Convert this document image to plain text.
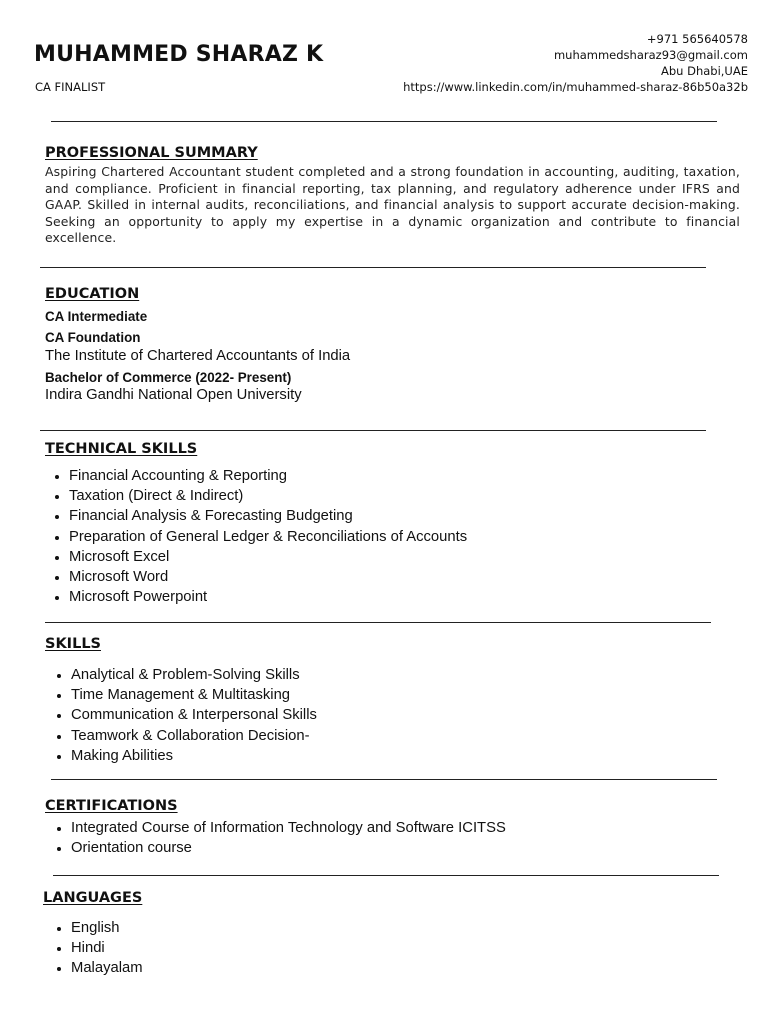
MUHAMMED SHARAZ K
CA FINALIST
+971 565640578
muhammedsharaz93@gmail.com
Abu Dhabi,UAE
https://www.linkedin.com/in/muhammed-sharaz-86b50a32b
PROFESSIONAL SUMMARY

Aspiring Chartered Accountant student completed and a strong foundation in accounting, auditing, taxation, and compliance. Proficient in financial reporting, tax planning, and regulatory adherence under IFRS and GAAP. Skilled in internal audits, reconciliations, and financial analysis to support accurate decision-making. Seeking an opportunity to apply my expertise in a dynamic organization and contribute to financial excellence.

EDUCATION
CA Intermediate
CA Foundation
The Institute of Chartered Accountants of India
Bachelor of Commerce (2022- Present)
Indira Gandhi National Open University
TECHNICAL SKILLS
Financial Accounting & Reporting
Taxation (Direct & Indirect)
Financial Analysis & Forecasting Budgeting
Preparation of General Ledger & Reconciliations of Accounts
Microsoft Excel
Microsoft Word
Microsoft Powerpoint
SKILLS
Analytical & Problem-Solving Skills
Time Management & Multitasking
Communication & Interpersonal Skills
Teamwork & Collaboration Decision-
Making Abilities
CERTIFICATIONS
Integrated Course of Information Technology and Software ICITSS
Orientation course
LANGUAGES
English
Hindi
Malayalam
